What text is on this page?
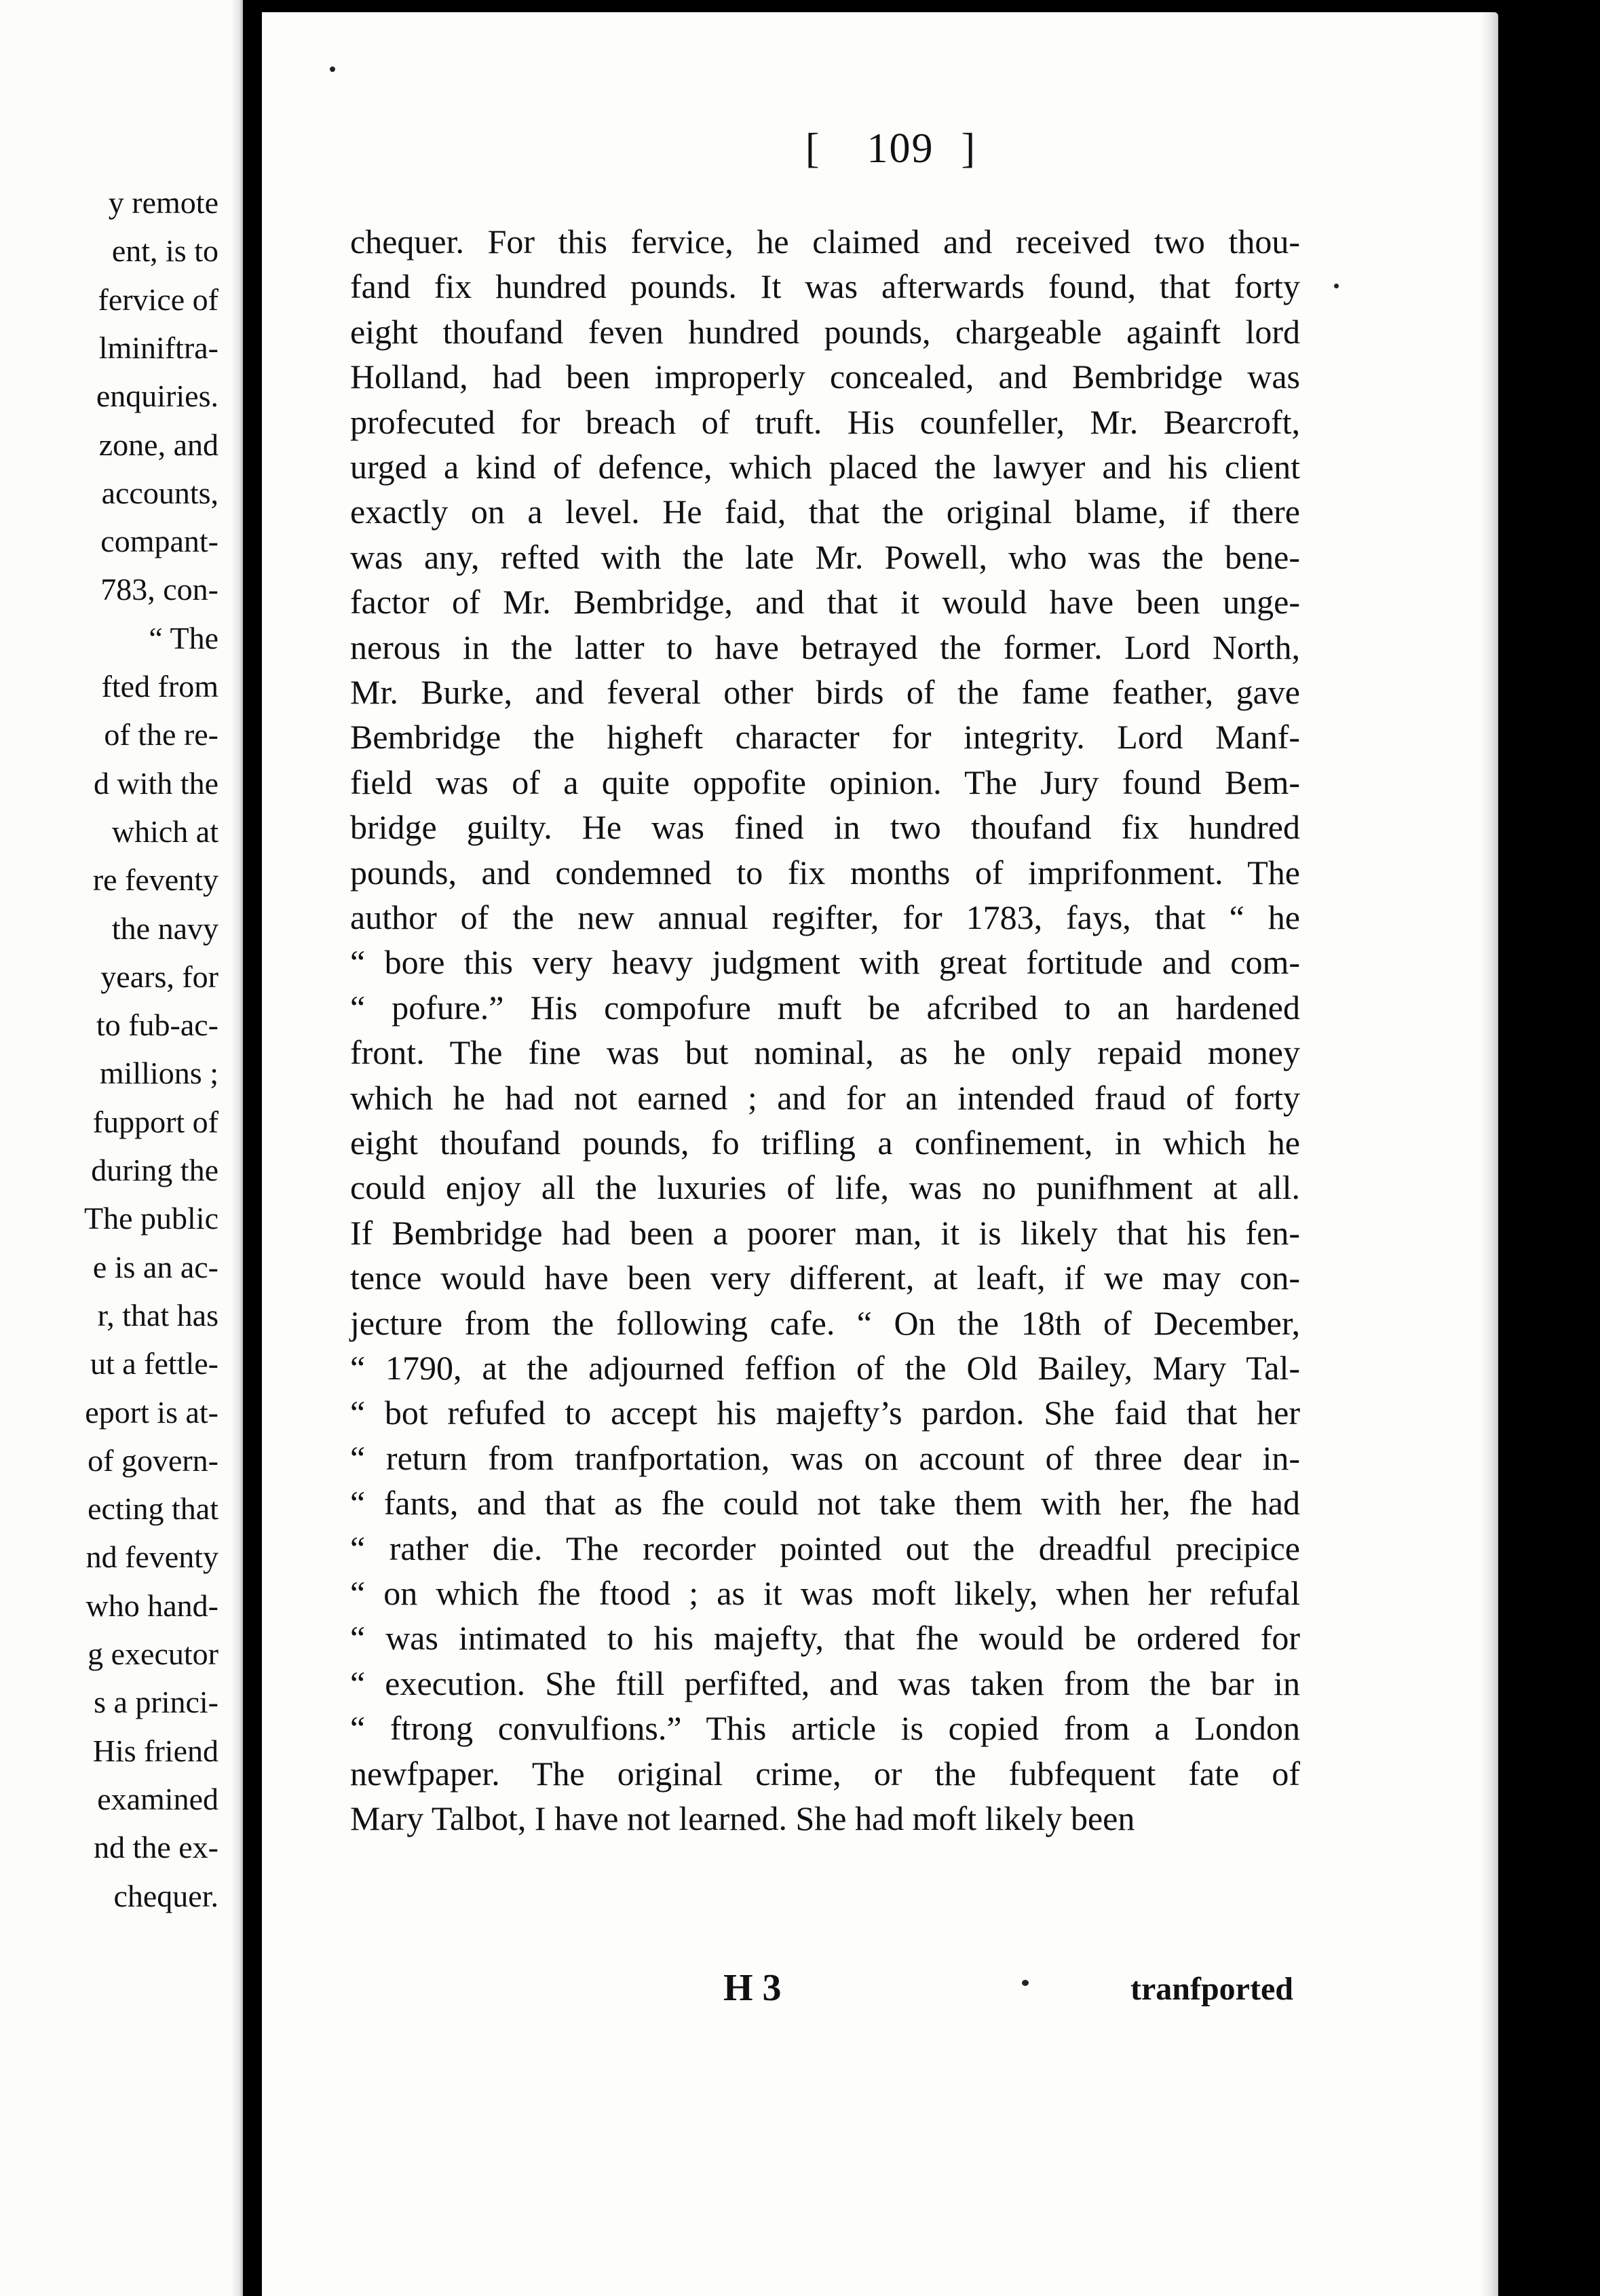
y remote
ent, is to
fervice of
lminiftra-
enquiries.
zone, and
accounts,
compant-
783, con-
“ The
fted from
of the re-
d with the
which at
re feventy
the navy
years, for
to fub-ac-
millions ;
fupport of
during the
The public
e is an ac-
r, that has
ut a fettle-
eport is at-
of govern-
ecting that
nd feventy
who hand-
g executor
s a princi-
His friend
examined
nd the ex-
chequer.
[ 109 ]
chequer. For this fervice, he claimed and received two thou-
fand fix hundred pounds. It was afterwards found, that forty
eight thoufand feven hundred pounds, chargeable againft lord
Holland, had been improperly concealed, and Bembridge was
profecuted for breach of truft. His counfeller, Mr. Bearcroft,
urged a kind of defence, which placed the lawyer and his client
exactly on a level. He faid, that the original blame, if there
was any, refted with the late Mr. Powell, who was the bene-
factor of Mr. Bembridge, and that it would have been unge-
nerous in the latter to have betrayed the former. Lord North,
Mr. Burke, and feveral other birds of the fame feather, gave
Bembridge the higheft character for integrity. Lord Manf-
field was of a quite oppofite opinion. The Jury found Bem-
bridge guilty. He was fined in two thoufand fix hundred
pounds, and condemned to fix months of imprifonment. The
author of the new annual regifter, for 1783, fays, that “ he
“ bore this very heavy judgment with great fortitude and com-
“ pofure.” His compofure muft be afcribed to an hardened
front. The fine was but nominal, as he only repaid money
which he had not earned ; and for an intended fraud of forty
eight thoufand pounds, fo trifling a confinement, in which he
could enjoy all the luxuries of life, was no punifhment at all.
If Bembridge had been a poorer man, it is likely that his fen-
tence would have been very different, at leaft, if we may con-
jecture from the following cafe. “ On the 18th of December,
“ 1790, at the adjourned feffion of the Old Bailey, Mary Tal-
“ bot refufed to accept his majefty’s pardon. She faid that her
“ return from tranfportation, was on account of three dear in-
“ fants, and that as fhe could not take them with her, fhe had
“ rather die. The recorder pointed out the dreadful precipice
“ on which fhe ftood ; as it was moft likely, when her refufal
“ was intimated to his majefty, that fhe would be ordered for
“ execution. She ftill perfifted, and was taken from the bar in
“ ftrong convulfions.” This article is copied from a London
newfpaper. The original crime, or the fubfequent fate of
Mary Talbot, I have not learned. She had moft likely been
H 3	tranfported
